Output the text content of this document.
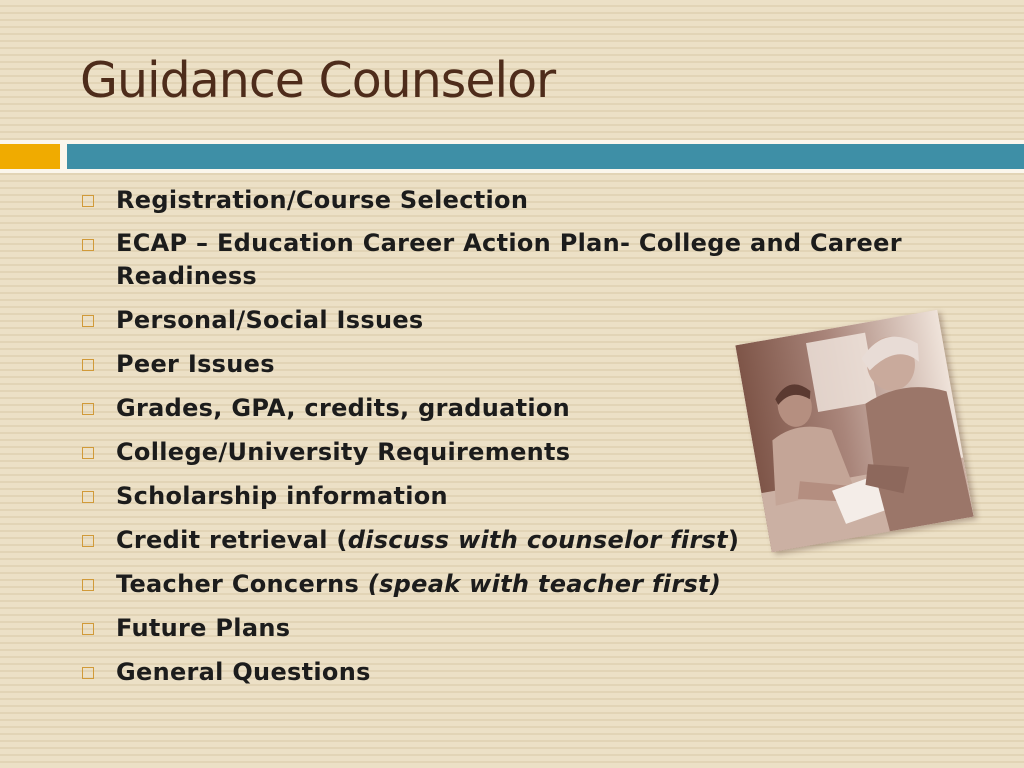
Guidance Counselor
Registration/Course Selection
ECAP – Education Career Action Plan- College and Career Readiness
Personal/Social Issues
Peer Issues
Grades, GPA, credits, graduation
College/University Requirements
Scholarship information
Credit retrieval (discuss with counselor first)
Teacher Concerns (speak with teacher first)
Future Plans
General Questions
